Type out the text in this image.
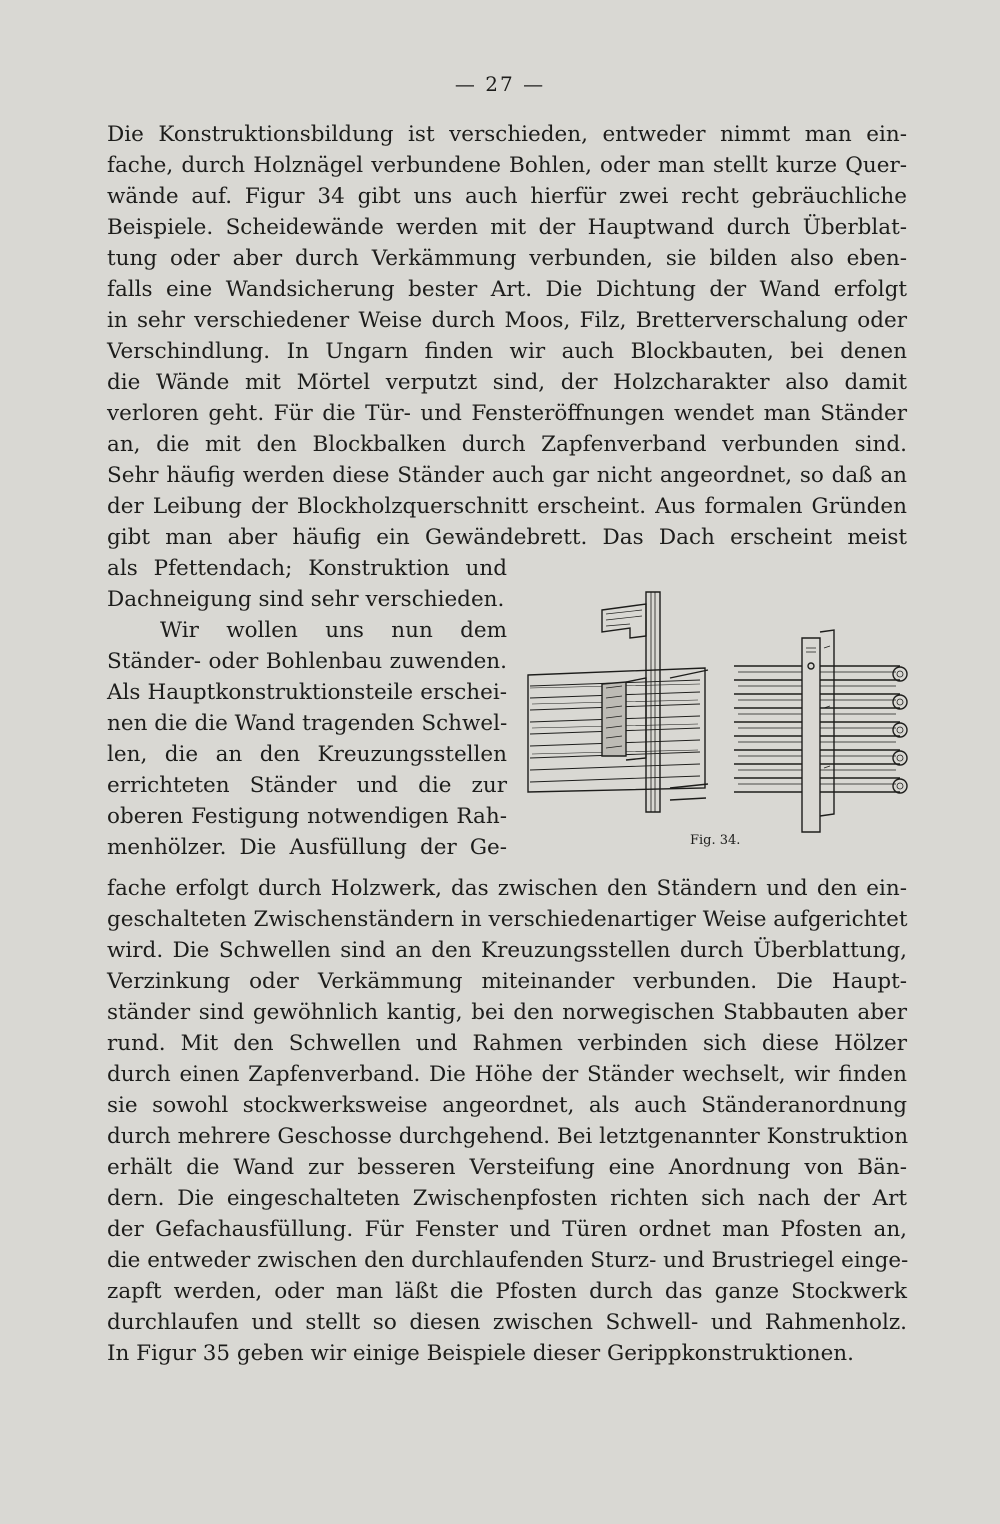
— 27 —
Die Konstruktionsbildung ist verschieden, entweder nimmt man ein-
fache, durch Holznägel verbundene Bohlen, oder man stellt kurze Quer-
wände auf. Figur 34 gibt uns auch hierfür zwei recht gebräuchliche
Beispiele. Scheidewände werden mit der Hauptwand durch Überblat-
tung oder aber durch Verkämmung verbunden, sie bilden also eben-
falls eine Wandsicherung bester Art. Die Dichtung der Wand erfolgt
in sehr verschiedener Weise durch Moos, Filz, Bretterverschalung oder
Verschindlung. In Ungarn finden wir auch Blockbauten, bei denen
die Wände mit Mörtel verputzt sind, der Holzcharakter also damit
verloren geht. Für die Tür- und Fensteröffnungen wendet man Ständer
an, die mit den Blockbalken durch Zapfenverband verbunden sind.
Sehr häufig werden diese Ständer auch gar nicht angeordnet, so daß an
der Leibung der Blockholzquerschnitt erscheint. Aus formalen Gründen
gibt man aber häufig ein Gewändebrett. Das Dach erscheint meist
als Pfettendach; Konstruktion und
Dachneigung sind sehr verschieden.
Wir wollen uns nun dem
Ständer- oder Bohlenbau zuwenden.
Als Hauptkonstruktionsteile erschei-
nen die die Wand tragenden Schwel-
len, die an den Kreuzungsstellen
errichteten Ständer und die zur
oberen Festigung notwendigen Rah-
menhölzer. Die Ausfüllung der Ge-	Fig. 34.
fache erfolgt durch Holzwerk, das zwischen den Ständern und den ein-
geschalteten Zwischenständern in verschiedenartiger Weise aufgerichtet
wird. Die Schwellen sind an den Kreuzungsstellen durch Überblattung,
Verzinkung oder Verkämmung miteinander verbunden. Die Haupt-
ständer sind gewöhnlich kantig, bei den norwegischen Stabbauten aber
rund. Mit den Schwellen und Rahmen verbinden sich diese Hölzer
durch einen Zapfenverband. Die Höhe der Ständer wechselt, wir finden
sie sowohl stockwerksweise angeordnet, als auch Ständeranordnung
durch mehrere Geschosse durchgehend. Bei letztgenannter Konstruktion
erhält die Wand zur besseren Versteifung eine Anordnung von Bän-
dern. Die eingeschalteten Zwischenpfosten richten sich nach der Art
der Gefachausfüllung. Für Fenster und Türen ordnet man Pfosten an,
die entweder zwischen den durchlaufenden Sturz- und Brustriegel einge-
zapft werden, oder man läßt die Pfosten durch das ganze Stockwerk
durchlaufen und stellt so diesen zwischen Schwell- und Rahmenholz.
In Figur 35 geben wir einige Beispiele dieser Gerippkonstruktionen.
